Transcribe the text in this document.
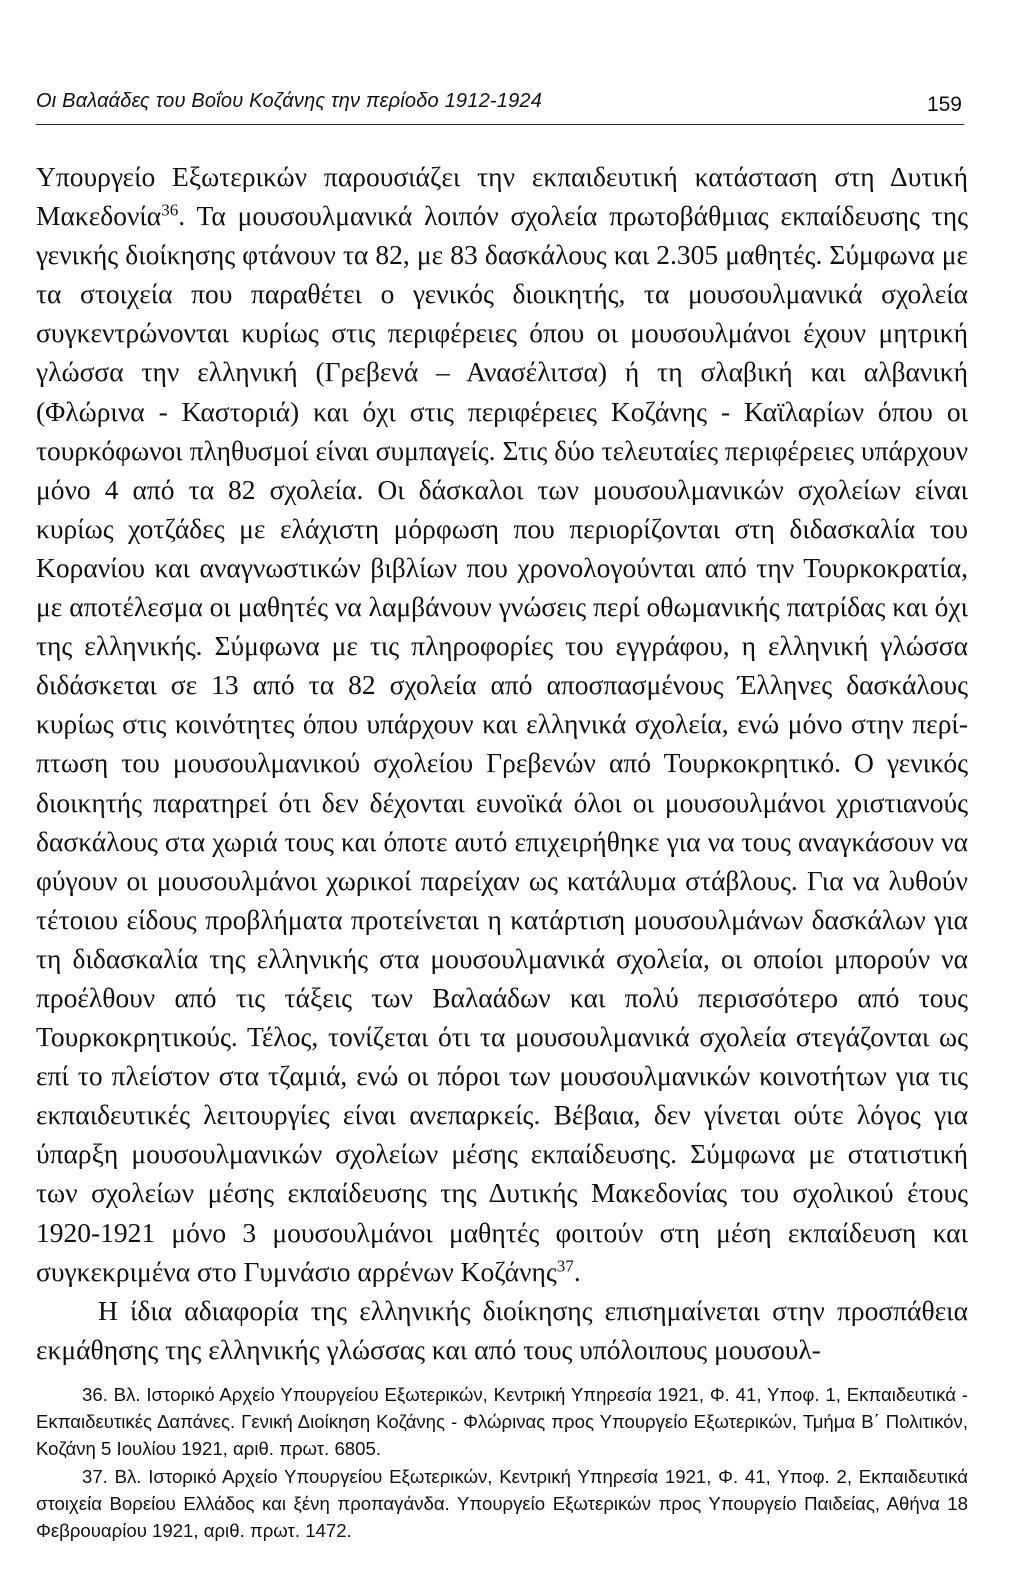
Οι Βαλαάδες του Βοΐου Κοζάνης την περίοδο 1912-1924	159

Υπουργείο Εξωτερικών παρουσιάζει την εκπαιδευτική κατάσταση στη Δυτική Μακεδονία$^{36}$. Τα μουσουλμανικά λοιπόν σχολεία πρωτοβάθμιας εκπαίδευσης της γενικής διοίκησης φτάνουν τα 82, με 83 δασκάλους και 2.305 μαθητές. Σύμφωνα με τα στοιχεία που παραθέτει ο γενικός διοικητής, τα μουσουλμανικά σχολεία συγκεντρώνονται κυρίως στις περιφέρειες όπου οι μουσουλμάνοι έχουν μητρική γλώσσα την ελληνική (Γρεβενά – Ανασέλιτσα) ή τη σλαβική και αλβανική (Φλώρινα - Καστοριά) και όχι στις περιφέρειες Κοζάνης - Καϊλαρίων όπου οι τουρκόφωνοι πληθυσμοί είναι συμπαγείς. Στις δύο τελευταίες περιφέρειες υπάρχουν μόνο 4 από τα 82 σχολεία. Οι δάσκαλοι των μουσουλμανικών σχολείων είναι κυρίως χοτζάδες με ελάχιστη μόρφωση που περιορίζονται στη διδασκαλία του Κορανίου και αναγνωστικών βιβλίων που χρονολογούνται από την Τουρκοκρατία, με αποτέλεσμα οι μαθητές να λαμβάνουν γνώσεις περί οθωμανικής πατρίδας και όχι της ελληνικής. Σύμφωνα με τις πληροφορίες του εγγράφου, η ελληνική γλώσσα διδάσκεται σε 13 από τα 82 σχολεία από αποσπασμένους Έλληνες δασκάλους κυρίως στις κοινότητες όπου υπάρχουν και ελληνικά σχολεία, ενώ μόνο στην περίπτωση του μουσουλμανικού σχολείου Γρεβενών από Τουρκοκρητικό. Ο γενικός διοικητής παρατηρεί ότι δεν δέχονται ευνοϊκά όλοι οι μουσουλμάνοι χριστιανούς δασκάλους στα χωριά τους και όποτε αυτό επιχειρήθηκε για να τους αναγκάσουν να φύγουν οι μουσουλμάνοι χωρικοί παρείχαν ως κατάλυμα στάβλους. Για να λυθούν τέτοιου είδους προβλήματα προτείνεται η κατάρτιση μουσουλμάνων δασκάλων για τη διδασκαλία της ελληνικής στα μουσουλμανικά σχολεία, οι οποίοι μπορούν να προέλθουν από τις τάξεις των Βαλαάδων και πολύ περισσότερο από τους Τουρκοκρητικούς. Τέλος, τονίζεται ότι τα μουσουλμανικά σχολεία στεγάζονται ως επί το πλείστον στα τζαμιά, ενώ οι πόροι των μουσουλμανικών κοινοτήτων για τις εκπαιδευτικές λειτουργίες είναι ανεπαρκείς. Βέβαια, δεν γίνεται ούτε λόγος για ύπαρξη μουσουλμανικών σχολείων μέσης εκπαίδευσης. Σύμφωνα με στατιστική των σχολείων μέσης εκπαίδευσης της Δυτικής Μακεδονίας του σχολικού έτους 1920-1921 μόνο 3 μουσουλμάνοι μαθητές φοιτούν στη μέση εκπαίδευση και συγκεκριμένα στο Γυμνάσιο αρρένων Κοζάνης$^{37}$.

Η ίδια αδιαφορία της ελληνικής διοίκησης επισημαίνεται στην προσπάθεια εκμάθησης της ελληνικής γλώσσας και από τους υπόλοιπους μουσουλ-

36. Βλ. Ιστορικό Αρχείο Υπουργείου Εξωτερικών, Κεντρική Υπηρεσία 1921, Φ. 41, Υποφ. 1, Εκπαιδευτικά - Εκπαιδευτικές Δαπάνες. Γενική Διοίκηση Κοζάνης - Φλώρινας προς Υπουργείο Εξωτερικών, Τμήμα Β΄ Πολιτικόν, Κοζάνη 5 Ιουλίου 1921, αριθ. πρωτ. 6805.

37. Βλ. Ιστορικό Αρχείο Υπουργείου Εξωτερικών, Κεντρική Υπηρεσία 1921, Φ. 41, Υποφ. 2, Εκπαιδευτικά στοιχεία Βορείου Ελλάδος και ξένη προπαγάνδα. Υπουργείο Εξωτερικών προς Υπουργείο Παιδείας, Αθήνα 18 Φεβρουαρίου 1921, αριθ. πρωτ. 1472.
